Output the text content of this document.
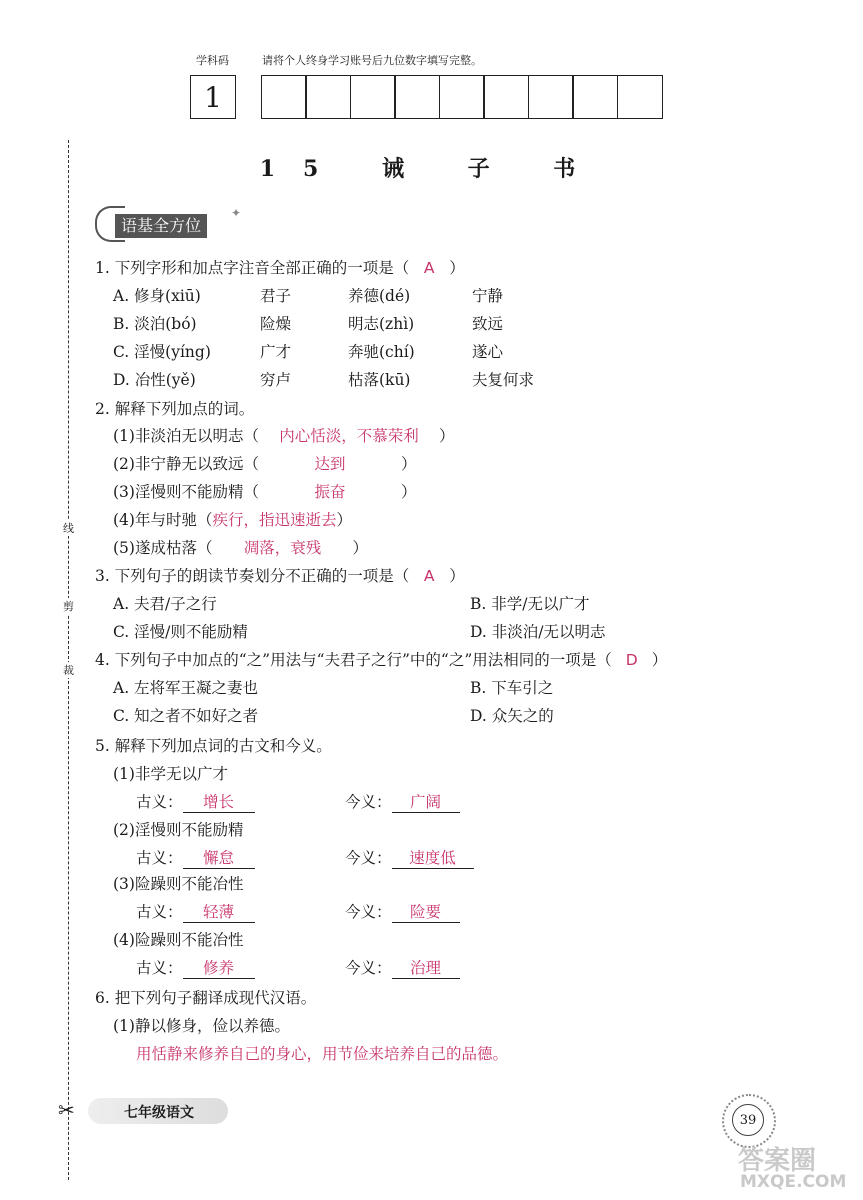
学科码	请将个人终身学习账号后九位数字填写完整。
1
15 诫 子 书
语基全方位
✦
线
剪
裁
✂
1. 下列字形和加点字注音全部正确的一项是（ A ）
A. 修身(xiū)	君子	养德(dé)	宁静
B. 淡泊(bó)	险燥	明志(zhì)	致远
C. 淫慢(yíng)	广才	奔驰(chí)	遂心
D. 冶性(yě)	穷卢	枯落(kū)	夫复何求
2. 解释下列加点的词。
(1)非淡泊无以明志（ 内心恬淡，不慕荣利 ）
(2)非宁静无以致远（	达到	）
(3)淫慢则不能励精（	振奋	）
(4)年与时驰（疾行，指迅速逝去）
(5)遂成枯落（ 凋落，衰残 ）
3. 下列句子的朗读节奏划分不正确的一项是（ A ）
A. 夫君/子之行	B. 非学/无以广才
C. 淫慢/则不能励精	D. 非淡泊/无以明志
4. 下列句子中加点的“之”用法与“夫君子之行”中的“之”用法相同的一项是（ D ）
A. 左将军王凝之妻也	B. 下车引之
C. 知之者不如好之者	D. 众矢之的
5. 解释下列加点词的古文和今义。
(1)非学无以广才
古义： 增长	今义： 广阔
(2)淫慢则不能励精
古义： 懈怠	今义： 速度低
(3)险躁则不能冶性
古义： 轻薄	今义： 险要
(4)险躁则不能冶性
古义： 修养	今义： 治理
6. 把下列句子翻译成现代汉语。
(1)静以修身，俭以养德。
用恬静来修养自己的身心，用节俭来培养自己的品德。
七年级语文	39
答案圈
MXQE.COM
